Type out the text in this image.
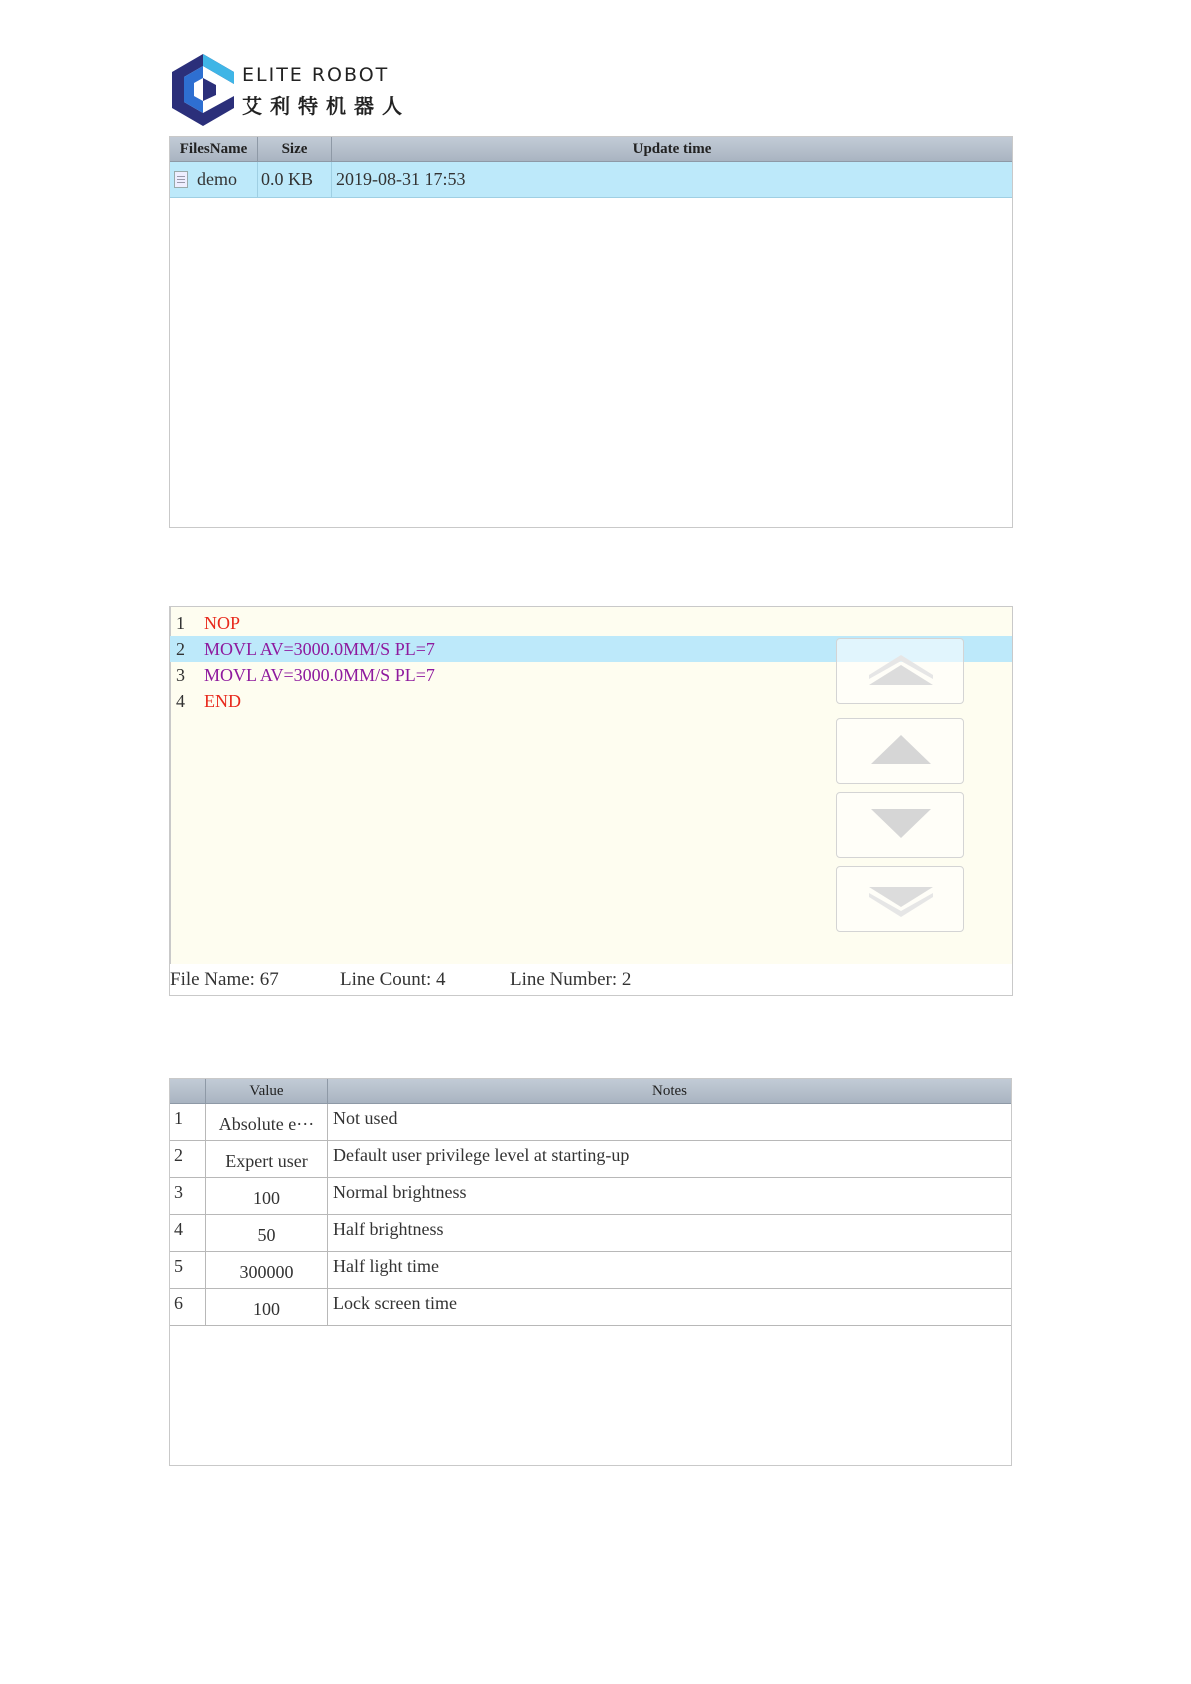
ELITE ROBOT
艾利特机器人
FilesName	Size	Update time
demo 0.0 KB	2019-08-31 17:53
1 NOP
2 MOVL AV=3000.0MM/S PL=7
3 MOVL AV=3000.0MM/S PL=7
4 END
File Name: 67	Line Count: 4	Line Number: 2
Value	Notes
1	Absolute e···	Not used
2	Expert user	Default user privilege level at starting-up
3	100	Normal brightness
4	50	Half brightness
5	300000	Half light time
6	100	Lock screen time
